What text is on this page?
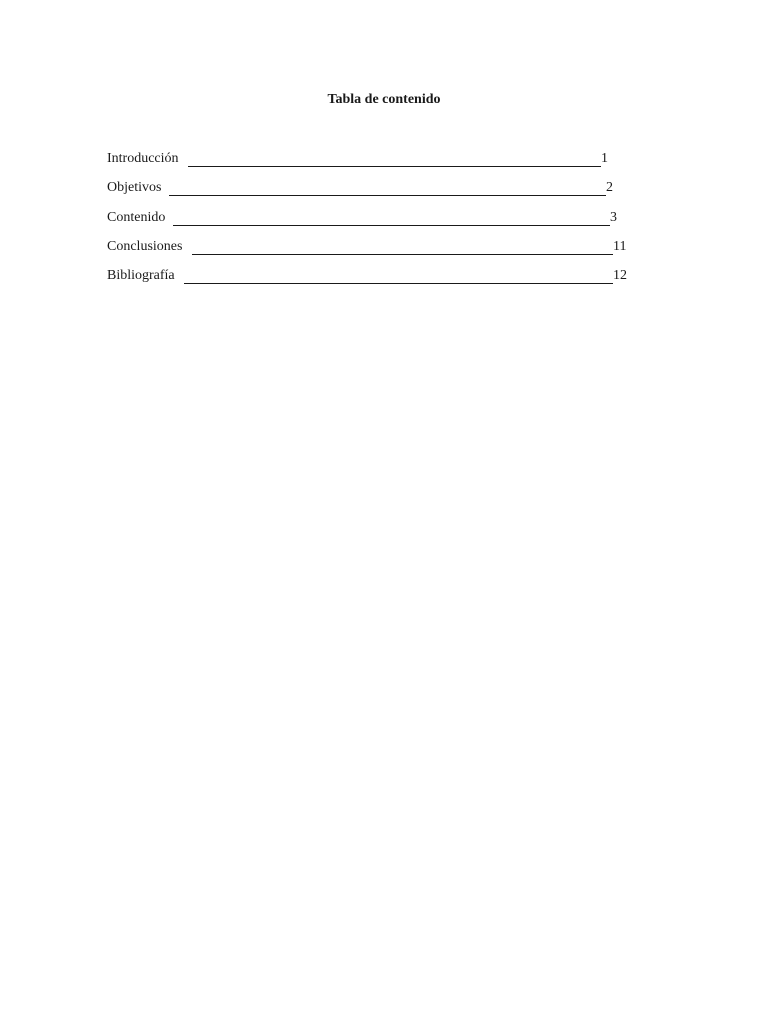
Tabla de contenido
Introducción	1
Objetivos	2
Contenido	3
Conclusiones	11
Bibliografía	12
